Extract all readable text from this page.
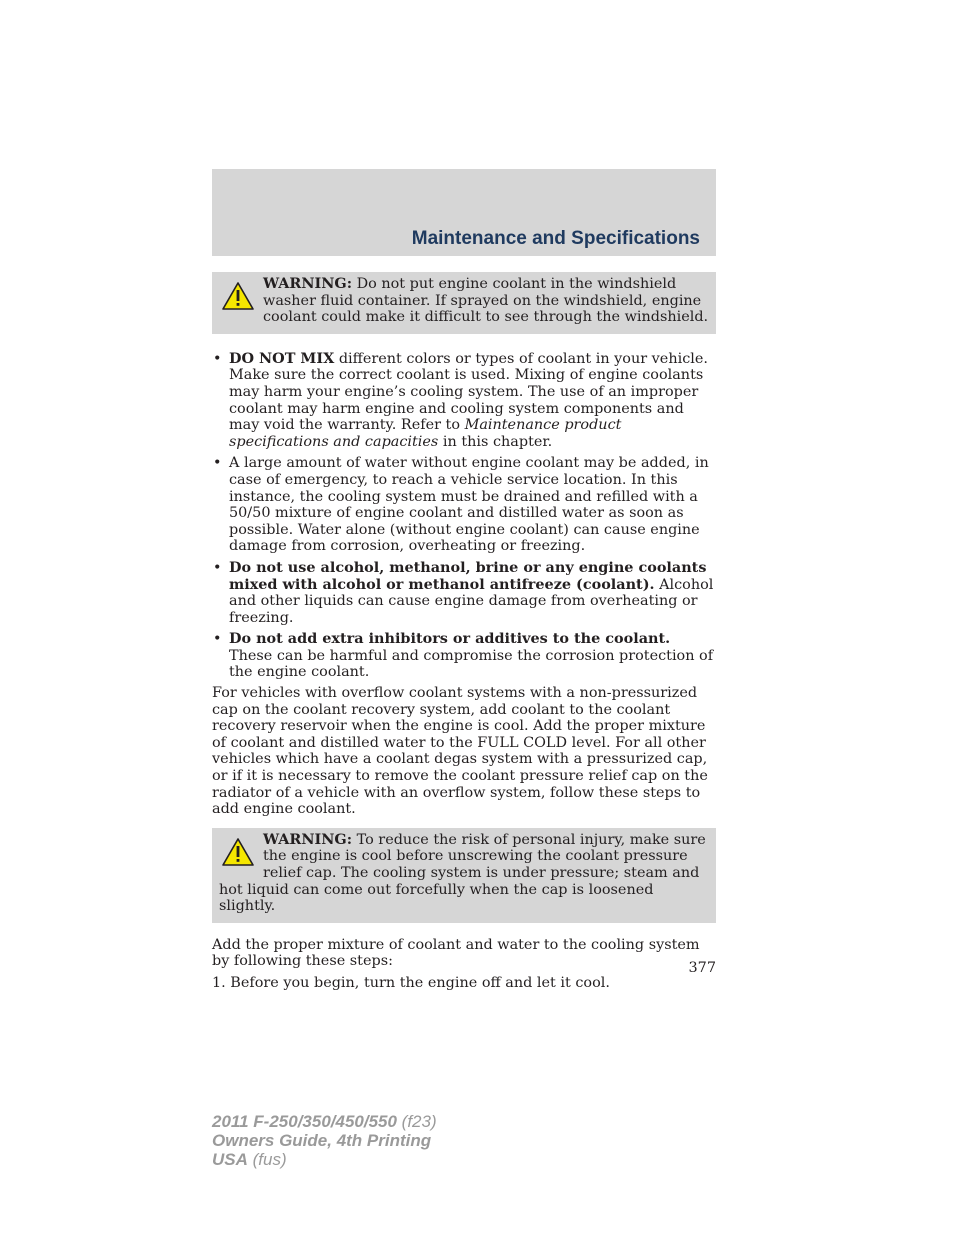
Maintenance and Specifications
WARNING: Do not put engine coolant in the windshield washer fluid container. If sprayed on the windshield, engine coolant could make it difficult to see through the windshield.
• DO NOT MIX different colors or types of coolant in your vehicle. Make sure the correct coolant is used. Mixing of engine coolants may harm your engine’s cooling system. The use of an improper coolant may harm engine and cooling system components and may void the warranty. Refer to Maintenance product specifications and capacities in this chapter.
• A large amount of water without engine coolant may be added, in case of emergency, to reach a vehicle service location. In this instance, the cooling system must be drained and refilled with a 50/50 mixture of engine coolant and distilled water as soon as possible. Water alone (without engine coolant) can cause engine damage from corrosion, overheating or freezing.
• Do not use alcohol, methanol, brine or any engine coolants mixed with alcohol or methanol antifreeze (coolant). Alcohol and other liquids can cause engine damage from overheating or freezing.
• Do not add extra inhibitors or additives to the coolant. These can be harmful and compromise the corrosion protection of the engine coolant.

For vehicles with overflow coolant systems with a non-pressurized cap on the coolant recovery system, add coolant to the coolant recovery reservoir when the engine is cool. Add the proper mixture of coolant and distilled water to the FULL COLD level. For all other vehicles which have a coolant degas system with a pressurized cap, or if it is necessary to remove the coolant pressure relief cap on the radiator of a vehicle with an overflow system, follow these steps to add engine coolant.

WARNING: To reduce the risk of personal injury, make sure the engine is cool before unscrewing the coolant pressure relief cap. The cooling system is under pressure; steam and hot liquid can come out forcefully when the cap is loosened slightly.

Add the proper mixture of coolant and water to the cooling system by following these steps:

1. Before you begin, turn the engine off and let it cool.

377
2011 F-250/350/450/550 (f23)
Owners Guide, 4th Printing
USA (fus)
